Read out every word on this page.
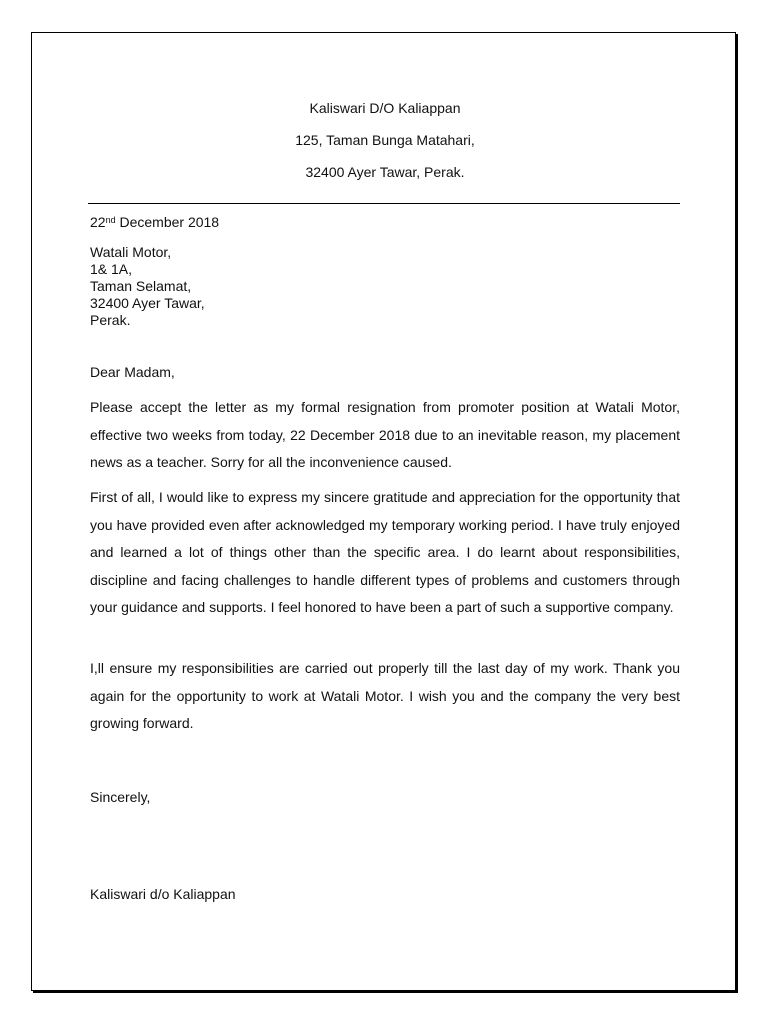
Kaliswari D/O Kaliappan
125, Taman Bunga Matahari,
32400 Ayer Tawar, Perak.
22nd December 2018
Watali Motor,
1& 1A,
Taman Selamat,
32400 Ayer Tawar,
Perak.
Dear Madam,
Please accept the letter as my formal resignation from promoter position at Watali Motor, effective two weeks from today, 22 December 2018 due to an inevitable reason, my placement news as a teacher. Sorry for all the inconvenience caused.
First of all, I would like to express my sincere gratitude and appreciation for the opportunity that you have provided even after acknowledged my temporary working period. I have truly enjoyed and learned a lot of things other than the specific area. I do learnt about responsibilities, discipline and facing challenges to handle different types of problems and customers through your guidance and supports. I feel honored to have been a part of such a supportive company.
I,ll ensure my responsibilities are carried out properly till the last day of my work. Thank you again for the opportunity to work at Watali Motor. I wish you and the company the very best growing forward.
Sincerely,
Kaliswari d/o Kaliappan
